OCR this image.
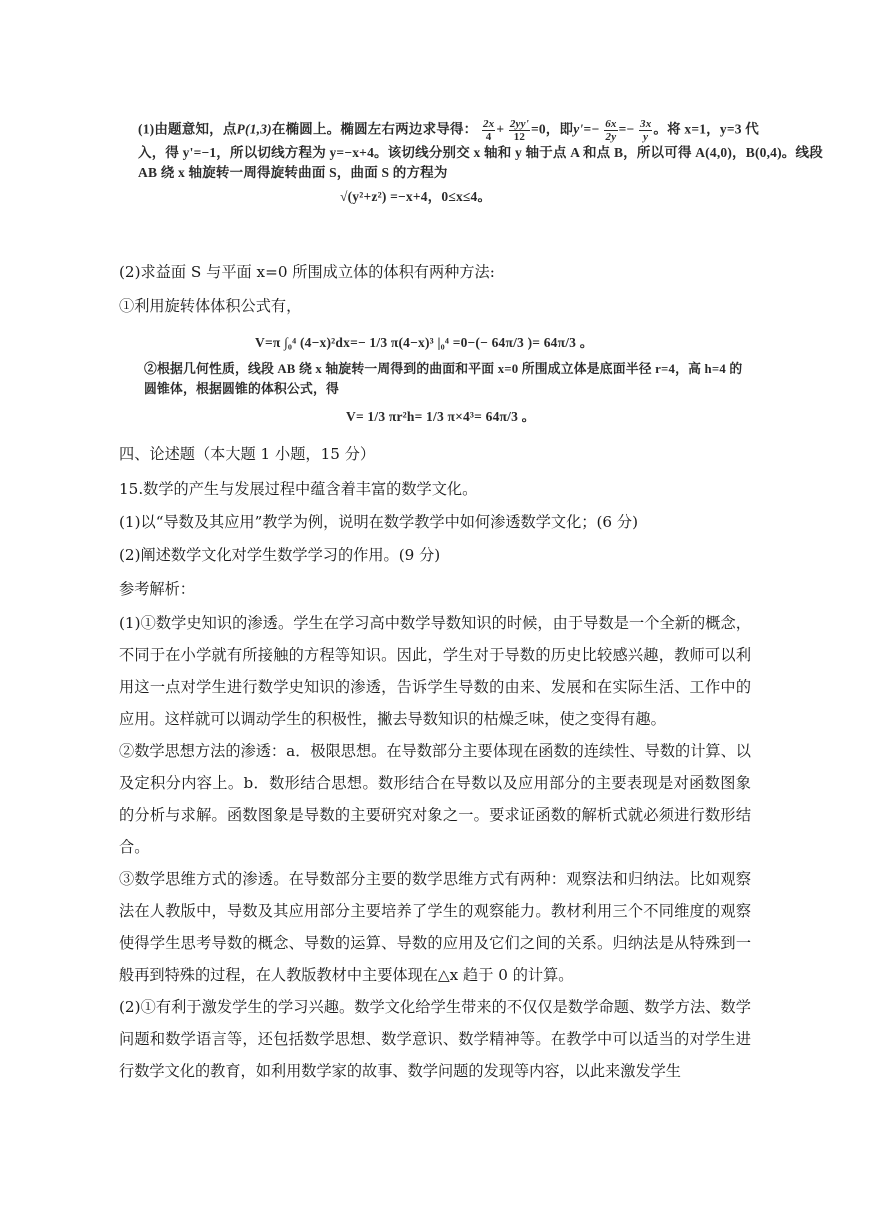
(1)由题意知，点P(1,3)在椭圆上。椭圆左右两边求导得： $\frac{2x}{4} + \frac{2yy'}{12} =0$，即$y'=- \frac{6x}{2y} =- \frac{3x}{y}$ 。将 x=1，y=3 代
入，得 y'=−1，所以切线方程为 y=−x+4。该切线分别交 x 轴和 y 轴于点 A 和点 B，所以可得 A(4,0)，B(0,4)。线段
AB 绕 x 轴旋转一周得旋转曲面 S，曲面 S 的方程为
√(y²+z²) =−x+4，0≤x≤4。
(2)求益面 S 与平面 x=0 所围成立体的体积有两种方法:
①利用旋转体体积公式有，
V=π ∫₀⁴ (4−x)²dx=− 1/3 π(4−x)³ |₀⁴ =0−(− 64π/3 )= 64π/3 。
②根据几何性质，线段 AB 绕 x 轴旋转一周得到的曲面和平面 x=0 所围成立体是底面半径 r=4，高 h=4 的
圆锥体，根据圆锥的体积公式，得
V= 1/3 πr²h= 1/3 π×4³= 64π/3 。
四、论述题（本大题 1 小题，15 分）
15.数学的产生与发展过程中蕴含着丰富的数学文化。
(1)以“导数及其应用”教学为例，说明在数学教学中如何渗透数学文化；(6 分)
(2)阐述数学文化对学生数学学习的作用。(9 分)
参考解析：
(1)①数学史知识的渗透。学生在学习高中数学导数知识的时候，由于导数是一个全新的概念，不同于在小学就有所接触的方程等知识。因此，学生对于导数的历史比较感兴趣，教师可以利用这一点对学生进行数学史知识的渗透，告诉学生导数的由来、发展和在实际生活、工作中的应用。这样就可以调动学生的积极性，撇去导数知识的枯燥乏味，使之变得有趣。
②数学思想方法的渗透：a．极限思想。在导数部分主要体现在函数的连续性、导数的计算、以及定积分内容上。b．数形结合思想。数形结合在导数以及应用部分的主要表现是对函数图象的分析与求解。函数图象是导数的主要研究对象之一。要求证函数的解析式就必须进行数形结合。
③数学思维方式的渗透。在导数部分主要的数学思维方式有两种：观察法和归纳法。比如观察法在人教版中，导数及其应用部分主要培养了学生的观察能力。教材利用三个不同维度的观察使得学生思考导数的概念、导数的运算、导数的应用及它们之间的关系。归纳法是从特殊到一般再到特殊的过程，在人教版教材中主要体现在△x 趋于 0 的计算。
(2)①有利于激发学生的学习兴趣。数学文化给学生带来的不仅仅是数学命题、数学方法、数学问题和数学语言等，还包括数学思想、数学意识、数学精神等。在教学中可以适当的对学生进行数学文化的教育，如利用数学家的故事、数学问题的发现等内容，以此来激发学生
